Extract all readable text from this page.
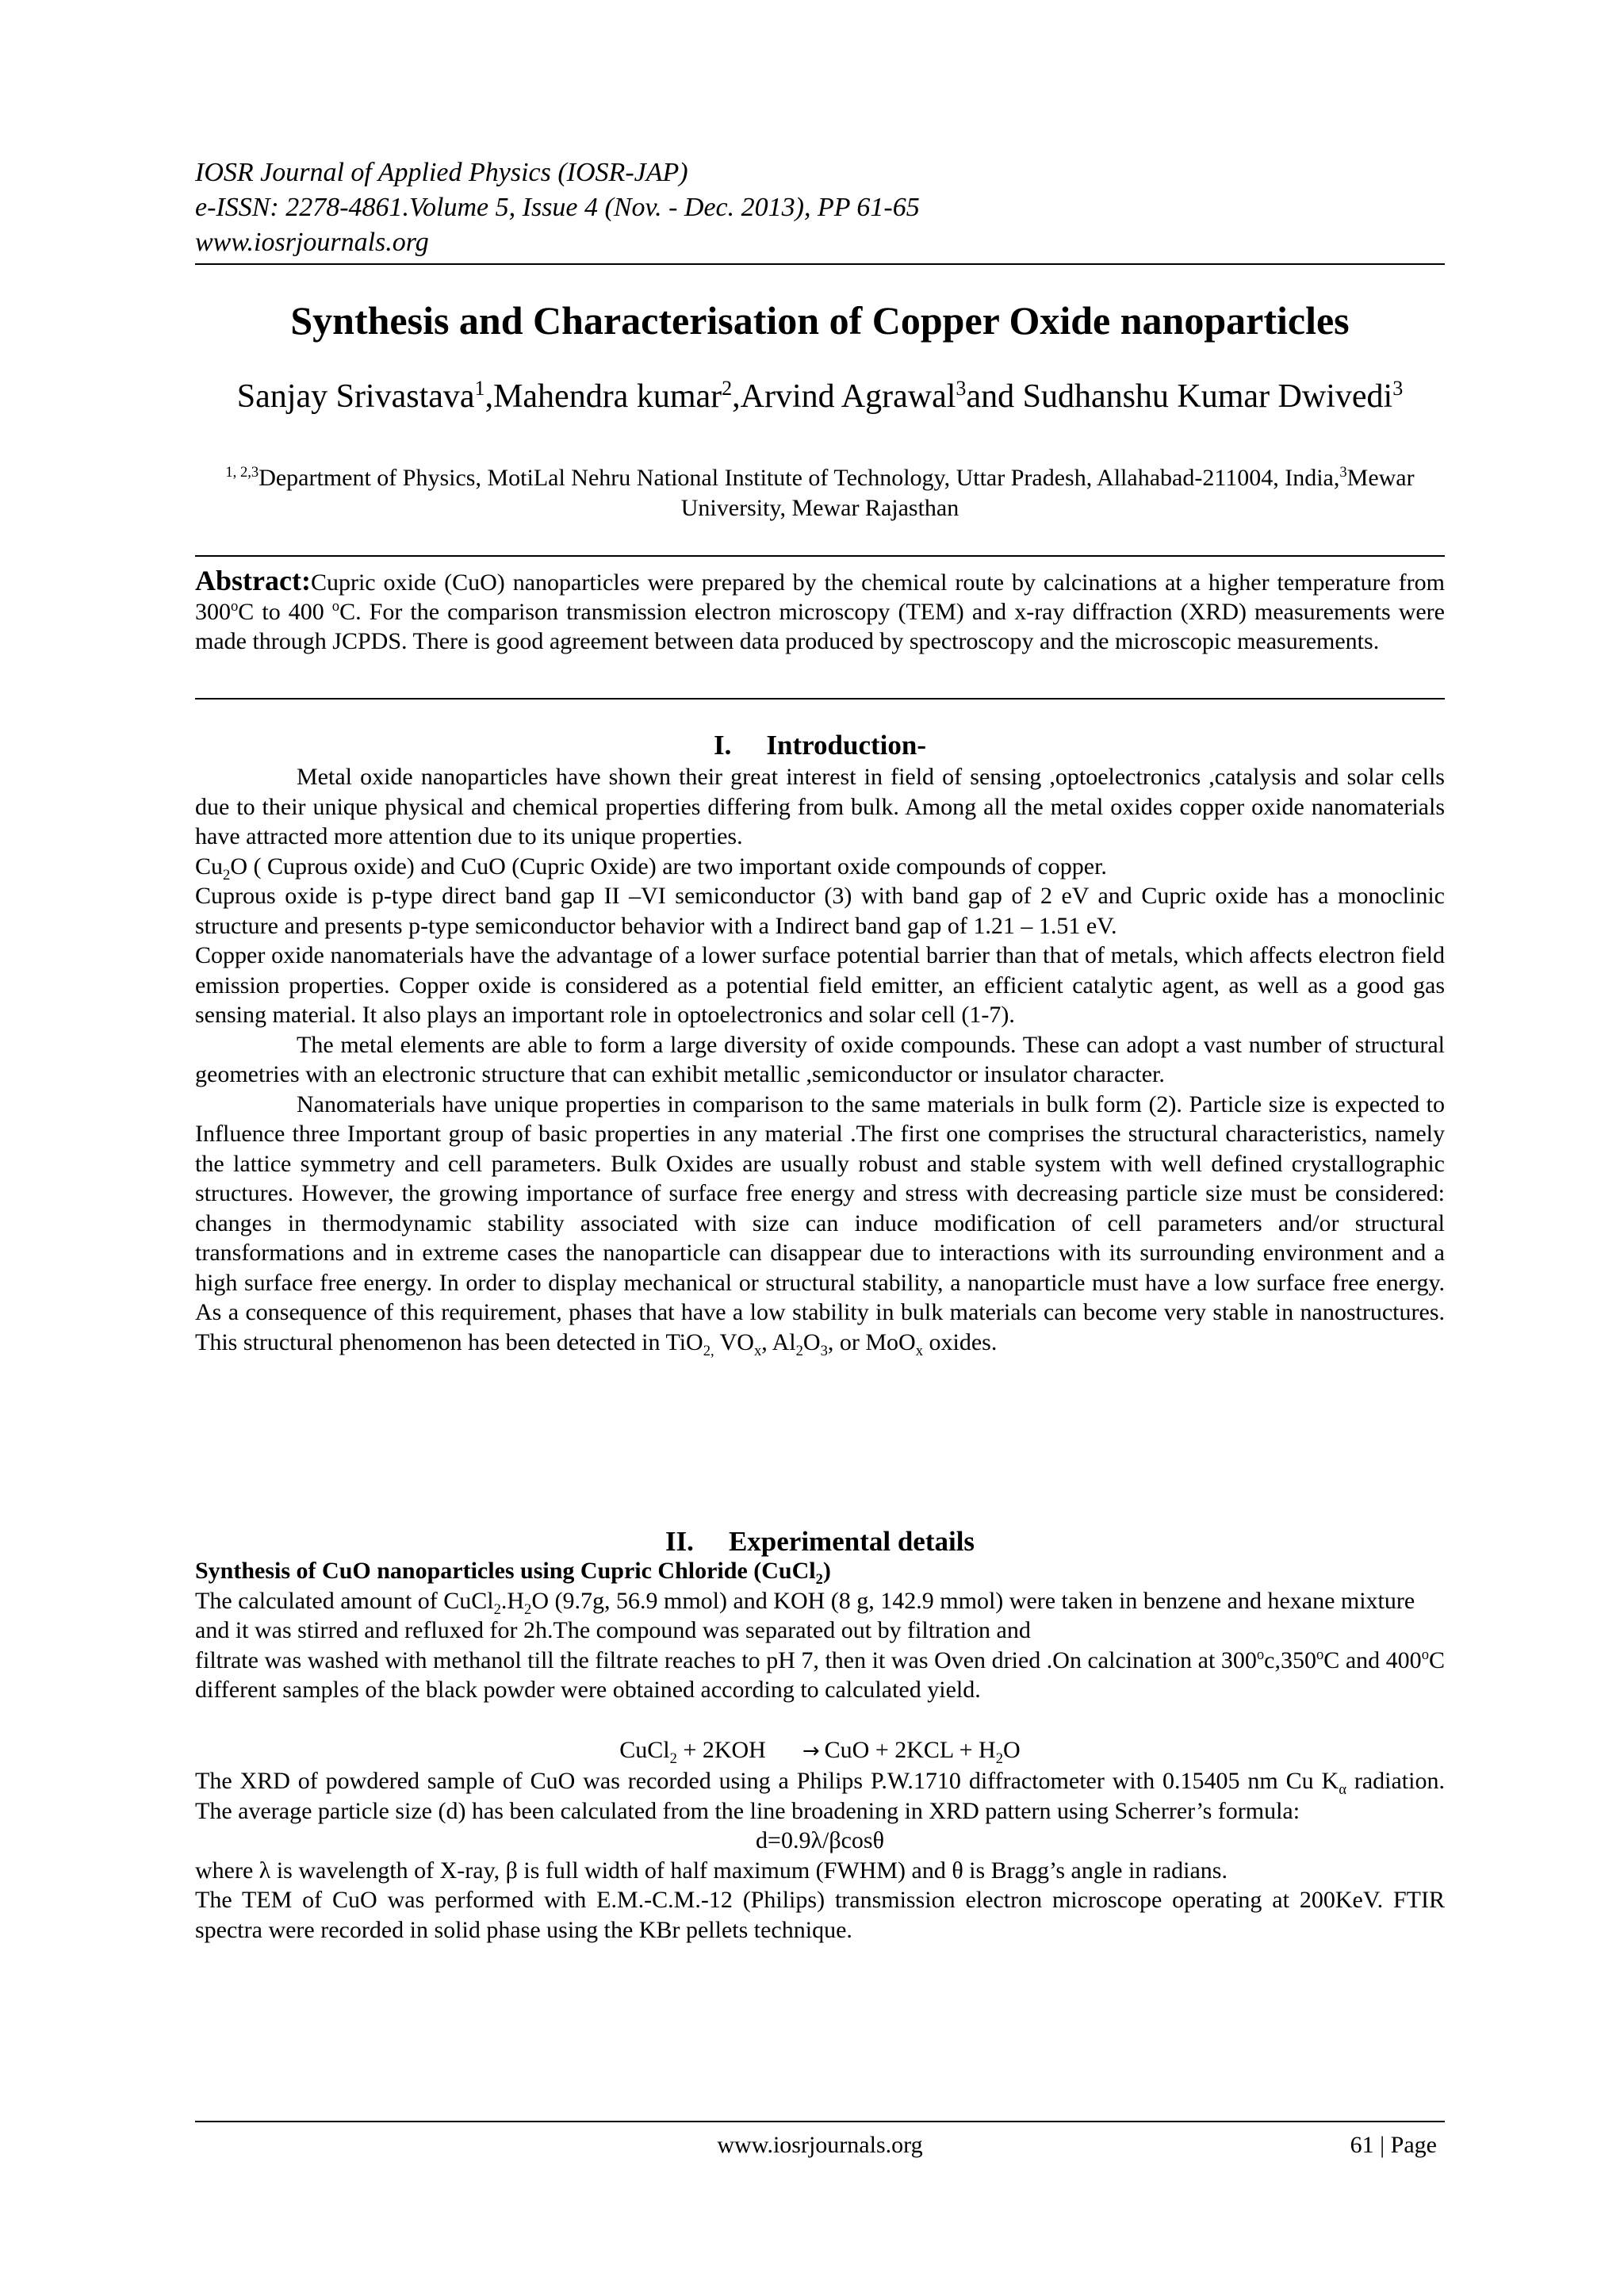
IOSR Journal of Applied Physics (IOSR-JAP)
e-ISSN: 2278-4861.Volume 5, Issue 4 (Nov. - Dec. 2013), PP 61-65
www.iosrjournals.org
Synthesis and Characterisation of Copper Oxide nanoparticles
Sanjay Srivastava$^1$,Mahendra kumar$^2$,Arvind Agrawal$^3$and Sudhanshu Kumar Dwivedi$^3$
$^{1, 2,3}$Department of Physics, MotiLal Nehru National Institute of Technology, Uttar Pradesh, Allahabad-211004, India,$^3$Mewar University, Mewar Rajasthan
Abstract:Cupric oxide (CuO) nanoparticles were prepared by the chemical route by calcinations at a higher temperature from 300$^o$C to 400 $^o$C. For the comparison transmission electron microscopy (TEM) and x-ray diffraction (XRD) measurements were made through JCPDS. There is good agreement between data produced by spectroscopy and the microscopic measurements.
I. Introduction-

Metal oxide nanoparticles have shown their great interest in field of sensing ,optoelectronics ,catalysis and solar cells due to their unique physical and chemical properties differing from bulk. Among all the metal oxides copper oxide nanomaterials have attracted more attention due to its unique properties.

$Cu_2O$ ( Cuprous oxide) and CuO (Cupric Oxide) are two important oxide compounds of copper.

Cuprous oxide is p-type direct band gap II –VI semiconductor (3) with band gap of 2 eV and Cupric oxide has a monoclinic structure and presents p-type semiconductor behavior with a Indirect band gap of 1.21 – 1.51 eV.

Copper oxide nanomaterials have the advantage of a lower surface potential barrier than that of metals, which affects electron field emission properties. Copper oxide is considered as a potential field emitter, an efficient catalytic agent, as well as a good gas sensing material. It also plays an important role in optoelectronics and solar cell (1-7).

The metal elements are able to form a large diversity of oxide compounds. These can adopt a vast number of structural geometries with an electronic structure that can exhibit metallic ,semiconductor or insulator character.

Nanomaterials have unique properties in comparison to the same materials in bulk form (2). Particle size is expected to Influence three Important group of basic properties in any material .The first one comprises the structural characteristics, namely the lattice symmetry and cell parameters. Bulk Oxides are usually robust and stable system with well defined crystallographic structures. However, the growing importance of surface free energy and stress with decreasing particle size must be considered: changes in thermodynamic stability associated with size can induce modification of cell parameters and/or structural transformations and in extreme cases the nanoparticle can disappear due to interactions with its surrounding environment and a high surface free energy. In order to display mechanical or structural stability, a nanoparticle must have a low surface free energy. As a consequence of this requirement, phases that have a low stability in bulk materials can become very stable in nanostructures. This structural phenomenon has been detected in TiO$_{2,}$ $VO_x$, $Al_2O_3$, or MoO$_x$ oxides.

II. Experimental details

Synthesis of CuO nanoparticles using Cupric Chloride (CuCl$_2$)

The calculated amount of $CuCl_2.H_2O$ (9.7g, 56.9 mmol) and KOH (8 g, 142.9 mmol) were taken in benzene and hexane mixture and it was stirred and refluxed for 2h.The compound was separated out by filtration and

filtrate was washed with methanol till the filtrate reaches to pH 7, then it was Oven dried .On calcination at 300$^o$c,350$^o$C and 400$^o$C different samples of the black powder were obtained according to calculated yield.

CuCl$_2$ + 2KOH → CuO + $2KCL + H_2O$

The XRD of powdered sample of CuO was recorded using a Philips P.W.1710 diffractometer with 0.15405 nm Cu $K_\alpha$ radiation. The average particle size (d) has been calculated from the line broadening in XRD pattern using Scherrer’s formula:

d=0.9λ/βcosθ

where λ is wavelength of X-ray, β is full width of half maximum (FWHM) and θ is Bragg’s angle in radians.

The TEM of CuO was performed with E.M.-C.M.-12 (Philips) transmission electron microscope operating at 200KeV. FTIR spectra were recorded in solid phase using the KBr pellets technique.

www.iosrjournals.org	61 | Page
